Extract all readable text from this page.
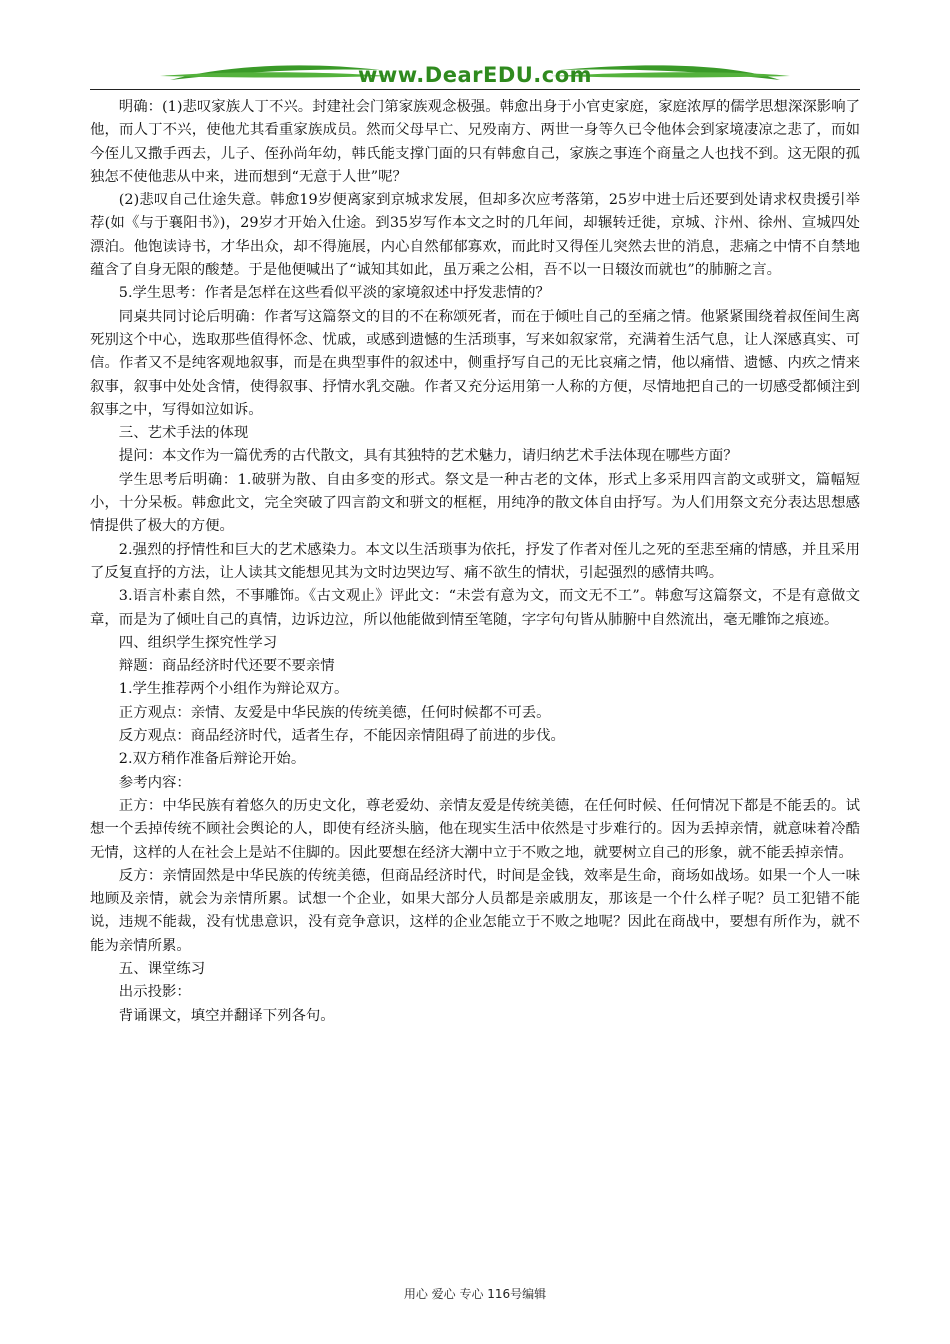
www.DearEDU.com

明确：(1)悲叹家族人丁不兴。封建社会门第家族观念极强。韩愈出身于小官吏家庭，家庭浓厚的儒学思想深深影响了他，而人丁不兴，使他尤其看重家族成员。然而父母早亡、兄殁南方、两世一身等久已令他体会到家境凄凉之悲了，而如今侄儿又撒手西去，儿子、侄孙尚年幼，韩氏能支撑门面的只有韩愈自己，家族之事连个商量之人也找不到。这无限的孤独怎不使他悲从中来，进而想到“无意于人世”呢？

(2)悲叹自己仕途失意。韩愈19岁便离家到京城求发展，但却多次应考落第，25岁中进士后还要到处请求权贵援引举荐(如《与于襄阳书》)，29岁才开始入仕途。到35岁写作本文之时的几年间，却辗转迁徙，京城、汴州、徐州、宣城四处漂泊。他饱读诗书，才华出众，却不得施展，内心自然郁郁寡欢，而此时又得侄儿突然去世的消息，悲痛之中情不自禁地蕴含了自身无限的酸楚。于是他便喊出了“诚知其如此，虽万乘之公相，吾不以一日辍汝而就也”的肺腑之言。

5.学生思考：作者是怎样在这些看似平淡的家境叙述中抒发悲情的？

同桌共同讨论后明确：作者写这篇祭文的目的不在称颂死者，而在于倾吐自己的至痛之情。他紧紧围绕着叔侄间生离死别这个中心，选取那些值得怀念、忧戚，或感到遗憾的生活琐事，写来如叙家常，充满着生活气息，让人深感真实、可信。作者又不是纯客观地叙事，而是在典型事件的叙述中，侧重抒写自己的无比哀痛之情，他以痛惜、遗憾、内疚之情来叙事，叙事中处处含情，使得叙事、抒情水乳交融。作者又充分运用第一人称的方便，尽情地把自己的一切感受都倾注到叙事之中，写得如泣如诉。

三、艺术手法的体现

提问：本文作为一篇优秀的古代散文，具有其独特的艺术魅力，请归纳艺术手法体现在哪些方面？

学生思考后明确：1.破骈为散、自由多变的形式。祭文是一种古老的文体，形式上多采用四言韵文或骈文，篇幅短小，十分呆板。韩愈此文，完全突破了四言韵文和骈文的框框，用纯净的散文体自由抒写。为人们用祭文充分表达思想感情提供了极大的方便。

2.强烈的抒情性和巨大的艺术感染力。本文以生活琐事为依托，抒发了作者对侄儿之死的至悲至痛的情感，并且采用了反复直抒的方法，让人读其文能想见其为文时边哭边写、痛不欲生的情状，引起强烈的感情共鸣。

3.语言朴素自然，不事雕饰。《古文观止》评此文：“未尝有意为文，而文无不工”。韩愈写这篇祭文，不是有意做文章，而是为了倾吐自己的真情，边诉边泣，所以他能做到情至笔随，字字句句皆从肺腑中自然流出，毫无雕饰之痕迹。

四、组织学生探究性学习

辩题：商品经济时代还要不要亲情

1.学生推荐两个小组作为辩论双方。

正方观点：亲情、友爱是中华民族的传统美德，任何时候都不可丢。

反方观点：商品经济时代，适者生存，不能因亲情阻碍了前进的步伐。

2.双方稍作准备后辩论开始。

参考内容：

正方：中华民族有着悠久的历史文化，尊老爱幼、亲情友爱是传统美德，在任何时候、任何情况下都是不能丢的。试想一个丢掉传统不顾社会舆论的人，即使有经济头脑，他在现实生活中依然是寸步难行的。因为丢掉亲情，就意味着冷酷无情，这样的人在社会上是站不住脚的。因此要想在经济大潮中立于不败之地，就要树立自己的形象，就不能丢掉亲情。

反方：亲情固然是中华民族的传统美德，但商品经济时代，时间是金钱，效率是生命，商场如战场。如果一个人一味地顾及亲情，就会为亲情所累。试想一个企业，如果大部分人员都是亲戚朋友，那该是一个什么样子呢？员工犯错不能说，违规不能裁，没有忧患意识，没有竞争意识，这样的企业怎能立于不败之地呢？因此在商战中，要想有所作为，就不能为亲情所累。

五、课堂练习

出示投影：

背诵课文，填空并翻译下列各句。

用心 爱心 专心 116号编辑
